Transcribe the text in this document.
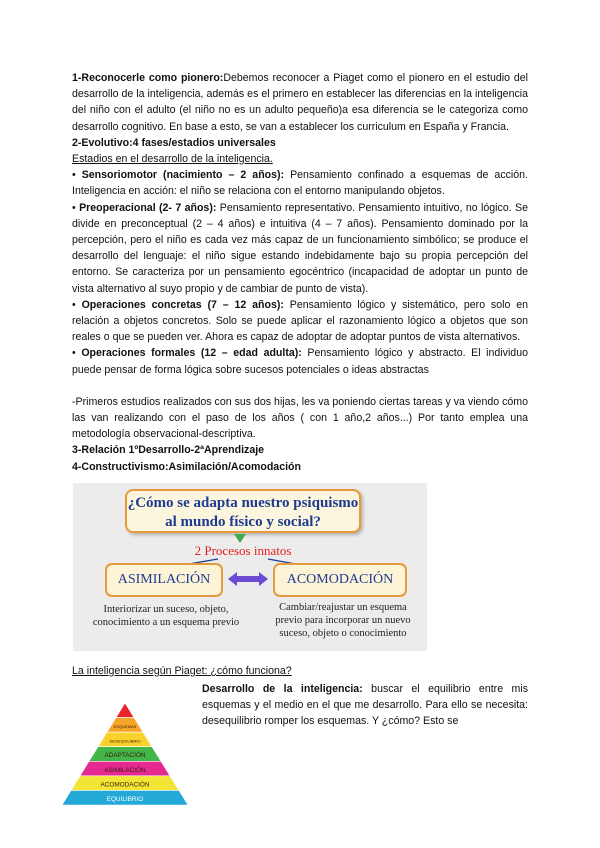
1-Reconocerle como pionero:Debemos reconocer a Piaget como el pionero en el estudio del desarrollo de la inteligencia, además es el primero en establecer las diferencias en la inteligencia del niño con el adulto (el niño no es un adulto pequeño)a esa diferencia se le categoriza como desarrollo cognitivo. En base a esto, se van a establecer los curriculum en España y Francia.

2-Evolutivo:4 fases/estadios universales

Estadios en el desarrollo de la inteligencia.

• Sensoriomotor (nacimiento – 2 años): Pensamiento confinado a esquemas de acción. Inteligencia en acción: el niño se relaciona con el entorno manipulando objetos.

• Preoperacional (2- 7 años): Pensamiento representativo. Pensamiento intuitivo, no lógico. Se divide en preconceptual (2 – 4 años) e intuitiva (4 – 7 años). Pensamiento dominado por la percepción, pero el niño es cada vez más capaz de un funcionamiento simbólico; se produce el desarrollo del lenguaje: el niño sigue estando indebidamente bajo su propia percepción del entorno. Se caracteriza por un pensamiento egocéntrico (incapacidad de adoptar un punto de vista alternativo al suyo propio y de cambiar de punto de vista).

• Operaciones concretas (7 – 12 años): Pensamiento lógico y sistemático, pero solo en relación a objetos concretos. Solo se puede aplicar el razonamiento lógico a objetos que son reales o que se pueden ver. Ahora es capaz de adoptar de adoptar puntos de vista alternativos.

• Operaciones formales (12 – edad adulta): Pensamiento lógico y abstracto. El individuo puede pensar de forma lógica sobre sucesos potenciales o ideas abstractas

-Primeros estudios realizados con sus dos hijas, les va poniendo ciertas tareas y va viendo cómo las van realizando con el paso de los años ( con 1 año,2 años...) Por tanto emplea una metodología observacional-descriptiva.

3-Relación 1ºDesarrollo-2ªAprendizaje

4-Constructivismo:Asimilación/Acomodación

¿Cómo se adapta nuestro psiquismo
al mundo físico y social?
2 Procesos innatos
ASIMILACIÓN	ACOMODACIÓN
Interiorizar un suceso, objeto,
conocimiento a un esquema previo
Cambiar/reajustar un esquema
previo para incorporar un nuevo
suceso, objeto o conocimiento

La inteligencia según Piaget: ¿cómo funciona?

ESQUEMAS
DESEQUILIBRIO
ADAPTACIÓN
ASIMILACIÓN
ACOMODACIÓN
EQUILIBRIO

Desarrollo de la inteligencia: buscar el equilibrio entre mis esquemas y el medio en el que me desarrollo. Para ello se necesita: desequilibrio romper los esquemas. Y ¿cómo? Esto se
